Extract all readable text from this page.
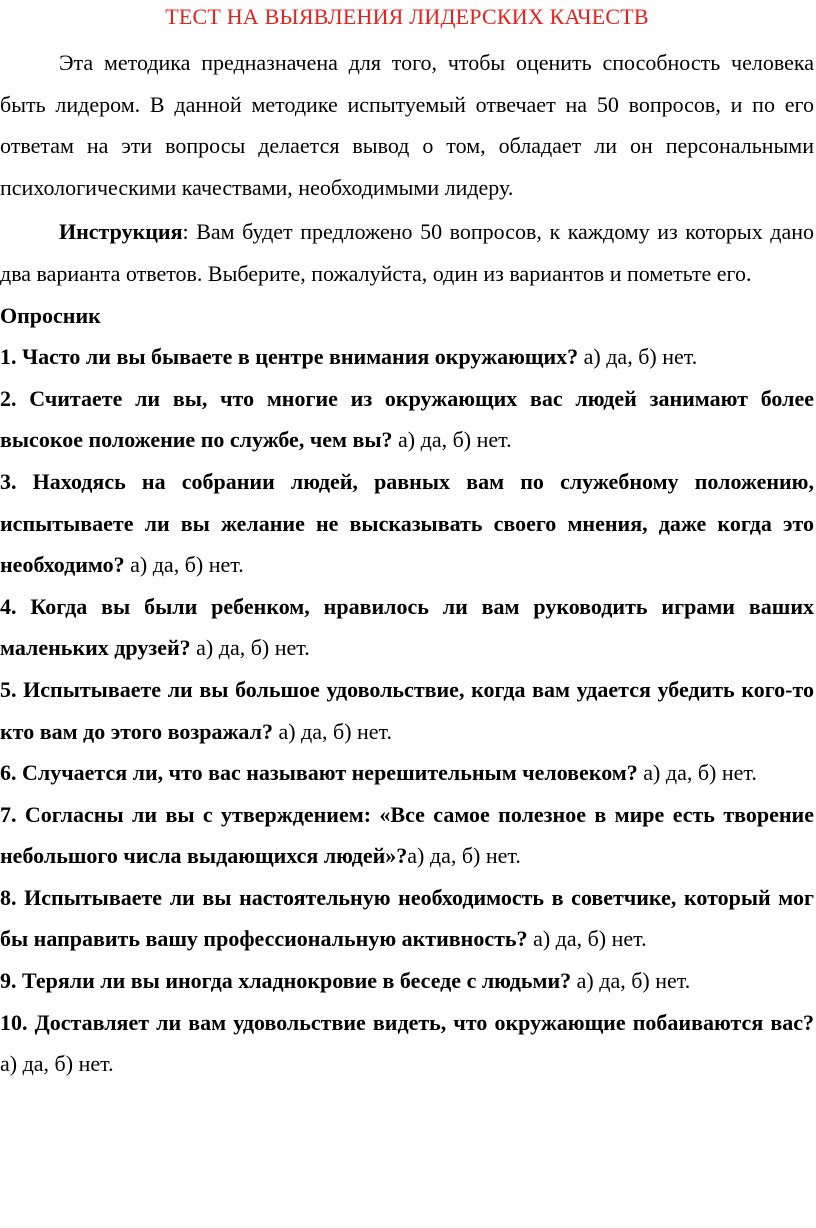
ТЕСТ НА ВЫЯВЛЕНИЯ ЛИДЕРСКИХ КАЧЕСТВ

Эта методика предназначена для того, чтобы оценить способность человека быть лидером. В данной методике испытуемый отвечает на 50 вопросов, и по его ответам на эти вопросы делается вывод о том, обладает ли он персональными психологическими качествами, необходимыми лидеру.

Инструкция: Вам будет предложено 50 вопросов, к каждому из которых дано два варианта ответов. Выберите, пожалуйста, один из вариантов и пометьте его.

Опросник

1. Часто ли вы бываете в центре внимания окружающих? а) да, б) нет.

2. Считаете ли вы, что многие из окружающих вас людей занимают более высокое положение по службе, чем вы? а) да, б) нет.

3. Находясь на собрании людей, равных вам по служебному положению, испытываете ли вы желание не высказывать своего мнения, даже когда это необходимо? а) да, б) нет.

4. Когда вы были ребенком, нравилось ли вам руководить играми ваших маленьких друзей? а) да, б) нет.

5. Испытываете ли вы большое удовольствие, когда вам удается убедить кого-то кто вам до этого возражал? а) да, б) нет.

6. Случается ли, что вас называют нерешительным человеком? а) да, б) нет.

7. Согласны ли вы с утверждением: «Все самое полезное в мире есть творение небольшого числа выдающихся людей»?а) да, б) нет.

8. Испытываете ли вы настоятельную необходимость в советчике, который мог бы направить вашу профессиональную активность? а) да, б) нет.

9. Теряли ли вы иногда хладнокровие в беседе с людьми? а) да, б) нет.

10. Доставляет ли вам удовольствие видеть, что окружающие побаиваются вас? а) да, б) нет.
